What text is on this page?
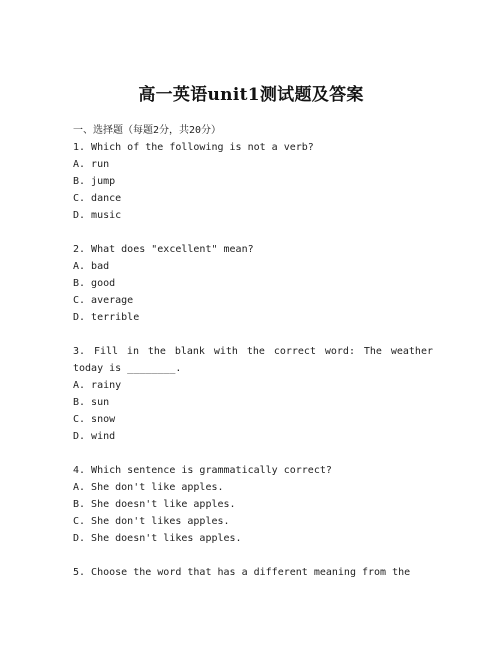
高一英语unit1测试题及答案
一、选择题（每题2分，共20分）
1. Which of the following is not a verb?
A. run
B. jump
C. dance
D. music
2. What does "excellent" mean?
A. bad
B. good
C. average
D. terrible
3. Fill in the blank with the correct word: The weather today is ________.
A. rainy
B. sun
C. snow
D. wind
4. Which sentence is grammatically correct?
A. She don't like apples.
B. She doesn't like apples.
C. She don't likes apples.
D. She doesn't likes apples.
5. Choose the word that has a different meaning from the
